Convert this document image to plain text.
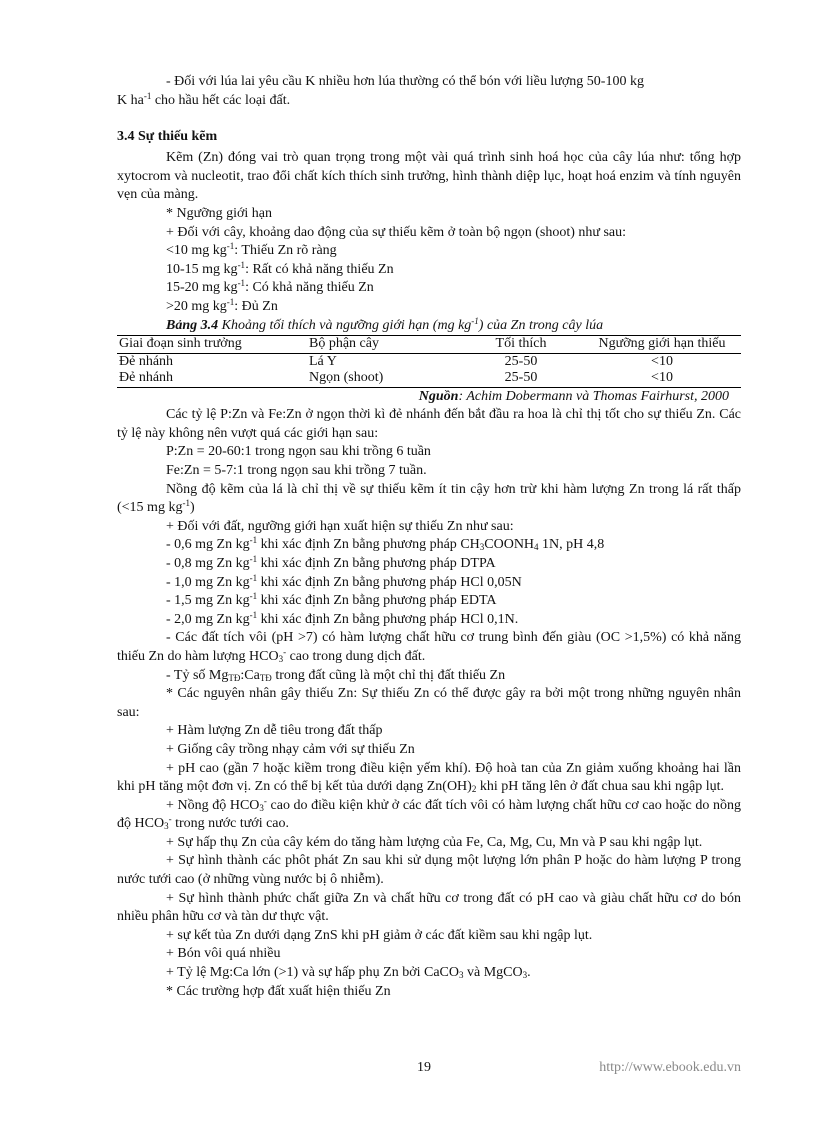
- Đối với lúa lai yêu cầu K nhiều hơn lúa thường có thể bón với liều lượng 50-100 kg
K $ha^{-1}$ cho hầu hết các loại đất.

3.4 Sự thiếu kẽm

Kẽm (Zn) đóng vai trò quan trọng trong một vài quá trình sinh hoá học của cây lúa như: tổng hợp xytocrom và nucleotit, trao đổi chất kích thích sinh trưởng, hình thành diệp lục, hoạt hoá enzim và tính nguyên vẹn của màng.

* Ngưỡng giới hạn

+ Đối với cây, khoảng dao động của sự thiếu kẽm ở toàn bộ ngọn (shoot) như sau:

<10 mg $kg^{-1}$: Thiếu Zn rõ ràng

10-15 mg $kg^{-1}$: Rất có khả năng thiếu Zn

15-20 mg $kg^{-1}$: Có khả năng thiếu Zn

>20 mg $kg^{-1}$: Đủ Zn

Bảng 3.4 Khoảng tối thích và ngưỡng giới hạn (mg $kg^{-1}$) của Zn trong cây lúa

Giai đoạn sinh trưởng	Bộ phận cây	Tối thích	Ngưỡng giới hạn thiếu
Đẻ nhánh	Lá Y	25-50	<10
Đẻ nhánh	Ngọn (shoot)	25-50	<10

Nguồn: Achim Dobermann và Thomas Fairhurst, 2000

Các tỷ lệ P:Zn và Fe:Zn ở ngọn thời kì đẻ nhánh đến bắt đầu ra hoa là chỉ thị tốt cho sự thiếu Zn. Các tỷ lệ này không nên vượt quá các giới hạn sau:

P:Zn = 20-60:1 trong ngọn sau khi trồng 6 tuần

Fe:Zn = 5-7:1 trong ngọn sau khi trồng 7 tuần.

Nồng độ kẽm của lá là chỉ thị về sự thiếu kẽm ít tin cậy hơn trừ khi hàm lượng Zn trong lá rất thấp (<15 mg $kg^{-1}$)

+ Đối với đất, ngưỡng giới hạn xuất hiện sự thiếu Zn như sau:

- 0,6 mg Zn $kg^{-1}$ khi xác định Zn bằng phương pháp $CH_3COONH_4$ 1N, pH 4,8

- 0,8 mg Zn $kg^{-1}$ khi xác định Zn bằng phương pháp DTPA

- 1,0 mg Zn $kg^{-1}$ khi xác định Zn bằng phương pháp HCl 0,05N

- 1,5 mg Zn $kg^{-1}$ khi xác định Zn bằng phương pháp EDTA

- 2,0 mg Zn $kg^{-1}$ khi xác định Zn bằng phương pháp HCl 0,1N.

- Các đất tích vôi (pH >7) có hàm lượng chất hữu cơ trung bình đến giàu (OC >1,5%) có khả năng thiếu Zn do hàm lượng $HCO_3^-$ cao trong dung dịch đất.

- Tỷ số $Mg_{TĐ}:Ca_{TĐ}$ trong đất cũng là một chỉ thị đất thiếu Zn

* Các nguyên nhân gây thiếu Zn: Sự thiếu Zn có thể được gây ra bởi một trong những nguyên nhân sau:

+ Hàm lượng Zn dễ tiêu trong đất thấp

+ Giống cây trồng nhạy cảm với sự thiếu Zn

+ pH cao (gần 7 hoặc kiềm trong điều kiện yếm khí). Độ hoà tan của Zn giảm xuống khoảng hai lần khi pH tăng một đơn vị. Zn có thể bị kết tủa dưới dạng $Zn(OH)_2$ khi pH tăng lên ở đất chua sau khi ngập lụt.

+ Nồng độ $HCO_3^-$ cao do điều kiện khử ở các đất tích vôi có hàm lượng chất hữu cơ cao hoặc do nồng độ $HCO_3^-$ trong nước tưới cao.

+ Sự hấp thụ Zn của cây kém do tăng hàm lượng của Fe, Ca, Mg, Cu, Mn và P sau khi ngập lụt.

+ Sự hình thành các phôt phát Zn sau khi sử dụng một lượng lớn phân P hoặc do hàm lượng P trong nước tưới cao (ở những vùng nước bị ô nhiễm).

+ Sự hình thành phức chất giữa Zn và chất hữu cơ trong đất có pH cao và giàu chất hữu cơ do bón nhiều phân hữu cơ và tàn dư thực vật.

+ sự kết tủa Zn dưới dạng ZnS khi pH giảm ở các đất kiềm sau khi ngập lụt.

+ Bón vôi quá nhiều

+ Tỷ lệ Mg:Ca lớn (>1) và sự hấp phụ Zn bởi CaCO$_3$ và MgCO$_3$.

* Các trường hợp đất xuất hiện thiếu Zn

19	http://www.ebook.edu.vn
